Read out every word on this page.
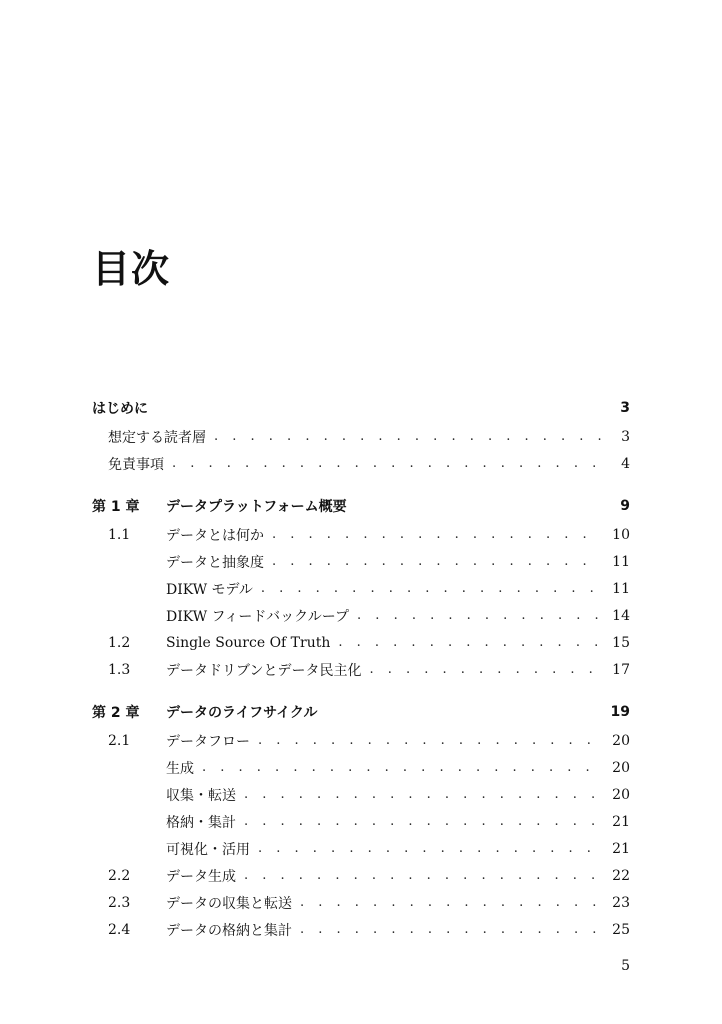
目次
はじめに	3
想定する読者層 . . .	3
免責事項 . . .	4
第 1 章	データプラットフォーム概要	9
1.1	データとは何か . . .	10
データと抽象度 . . .	11
DIKW モデル . . .	11
DIKW フィードバックループ . . .	14
1.2	Single Source Of Truth . . .	15
1.3	データドリブンとデータ民主化 . . .	17
第 2 章	データのライフサイクル	19
2.1	データフロー . . .	20
生成 . . .	20
収集・転送 . . .	20
格納・集計 . . .	21
可視化・活用 . . .	21
2.2	データ生成 . . .	22
2.3	データの収集と転送 . . .	23
2.4	データの格納と集計 . . .	25
5
